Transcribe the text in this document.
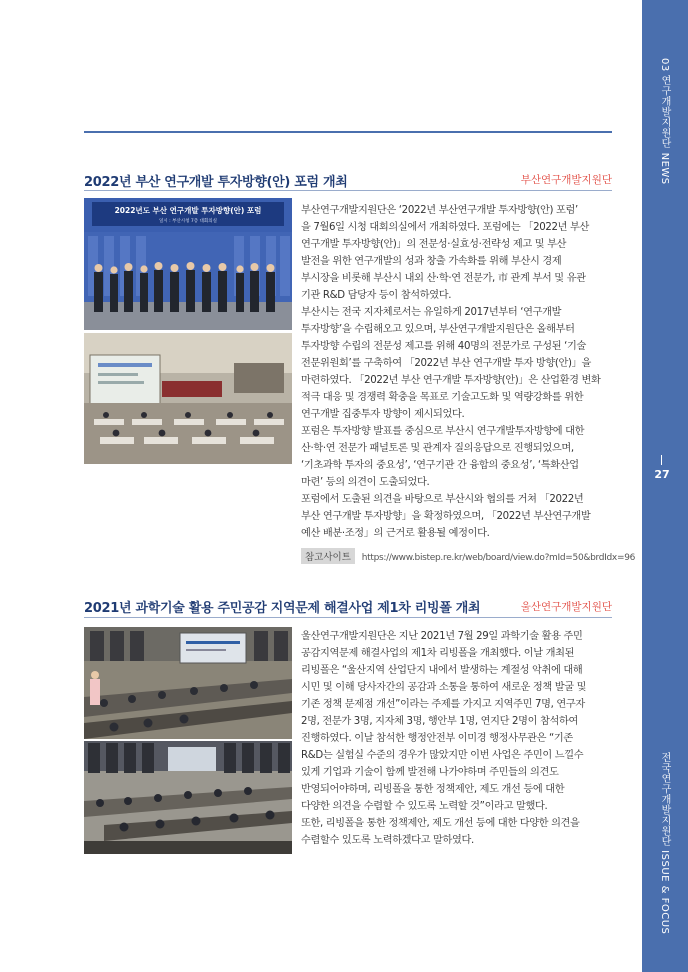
03 연구개발지원단 NEWS
27
전국연구개발지원단 ISSUE & FOCUS
2022년 부산 연구개발 투자방향(안) 포럼 개최	부산연구개발지원단
2022년도 부산 연구개발 투자방향(안) 포럼
일시 : 부산시청 7층 대회의실
부산연구개발지원단은 ‘2022년 부산연구개발 투자방향(안) 포럼’
을 7월6일 시청 대회의실에서 개최하였다. 포럼에는 「2022년 부산
연구개발 투자방향(안)」의 전문성·실효성·전략성 제고 및 부산
발전을 위한 연구개발의 성과 창출 가속화를 위해 부산시 경제
부시장을 비롯해 부산시 내외 산·학·연 전문가, 市 관계 부서 및 유관
기관 R&D 담당자 등이 참석하였다.
부산시는 전국 지자체로서는 유일하게 2017년부터 ‘연구개발
투자방향’을 수립해오고 있으며, 부산연구개발지원단은 올해부터
투자방향 수립의 전문성 제고를 위해 40명의 전문가로 구성된 ‘기술
전문위원회’를 구축하여 「2022년 부산 연구개발 투자 방향(안)」을
마련하였다. 「2022년 부산 연구개발 투자방향(안)」은 산업환경 변화
적극 대응 및 경쟁력 확충을 목표로 기술고도화 및 역량강화를 위한
연구개발 집중투자 방향이 제시되었다.
포럼은 투자방향 발표를 중심으로 부산시 연구개발투자방향에 대한
산·학·연 전문가 패널토론 및 관계자 질의응답으로 진행되었으며,
‘기초과학 투자의 중요성’, ‘연구기관 간 융합의 중요성’, ‘특화산업
마련’ 등의 의견이 도출되었다.
포럼에서 도출된 의견을 바탕으로 부산시와 협의를 거쳐 「2022년
부산 연구개발 투자방향」을 확정하였으며, 「2022년 부산연구개발
예산 배분·조정」의 근거로 활용될 예정이다.
참고사이트 https://www.bistep.re.kr/web/board/view.do?mId=50&brdIdx=96
2021년 과학기술 활용 주민공감 지역문제 해결사업 제1차 리빙폴 개최	울산연구개발지원단
울산연구개발지원단은 지난 2021년 7월 29일 과학기술 활용 주민
공감지역문제 해결사업의 제1차 리빙폴을 개최했다. 이날 개최된
리빙폴은 “울산지역 산업단지 내에서 발생하는 계절성 악취에 대해
시민 및 이해 당사자간의 공감과 소통을 통하여 새로운 정책 발굴 및
기존 정책 문제점 개선”이라는 주제를 가지고 지역주민 7명, 연구자
2명, 전문가 3명, 지자체 3명, 행안부 1명, 연지단 2명이 참석하여
진행하였다. 이날 참석한 행정안전부 이미경 행정사무관은 “기존
R&D는 실험실 수준의 경우가 많았지만 이번 사업은 주민이 느낄수
있게 기업과 기술이 함께 발전해 나가야하며 주민들의 의견도
반영되어야하며, 리빙폴을 통한 정책제안, 제도 개선 등에 대한
다양한 의견을 수렴할 수 있도록 노력할 것”이라고 말했다.
또한, 리빙폴을 통한 정책제안, 제도 개선 등에 대한 다양한 의견을
수렴할수 있도록 노력하겠다고 말하였다.
